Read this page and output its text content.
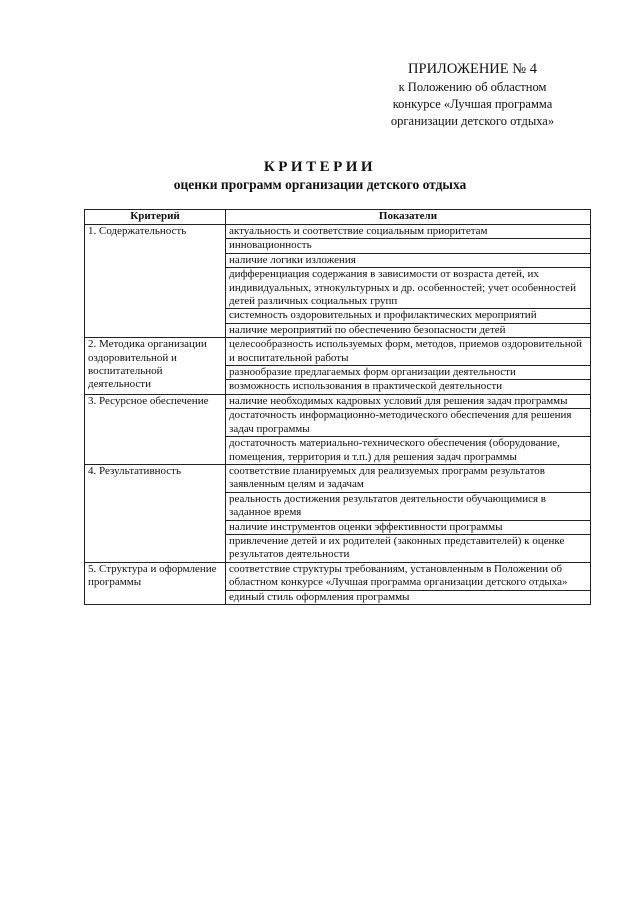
ПРИЛОЖЕНИЕ № 4
к Положению об областном
конкурсе «Лучшая программа
организации детского отдыха»
КРИТЕРИИ
оценки программ организации детского отдыха
Критерий	Показатели
1. Содержательность	актуальность и соответствие социальным приоритетам
	инновационность
	наличие логики изложения
	дифференциация содержания в зависимости от возраста детей, их индивидуальных, этнокультурных и др. особенностей; учет особенностей детей различных социальных групп
	системность оздоровительных и профилактических мероприятий
	наличие мероприятий по обеспечению безопасности детей
2. Методика организации оздоровительной и воспитательной деятельности	целесообразность используемых форм, методов, приемов оздоровительной и воспитательной работы
	разнообразие предлагаемых форм организации деятельности
	возможность использования в практической деятельности
3. Ресурсное обеспечение	наличие необходимых кадровых условий для решения задач программы
	достаточность информационно-методического обеспечения для решения задач программы
	достаточность материально-технического обеспечения (оборудование, помещения, территория и т.п.) для решения задач программы
4. Результативность	соответствие планируемых для реализуемых программ результатов заявленным целям и задачам
	реальность достижения результатов деятельности обучающимися в заданное время
	наличие инструментов оценки эффективности программы
	привлечение детей и их родителей (законных представителей) к оценке результатов деятельности
5. Структура и оформление программы	соответствие структуры требованиям, установленным в Положении об областном конкурсе «Лучшая программа организации детского отдыха»
	единый стиль оформления программы
